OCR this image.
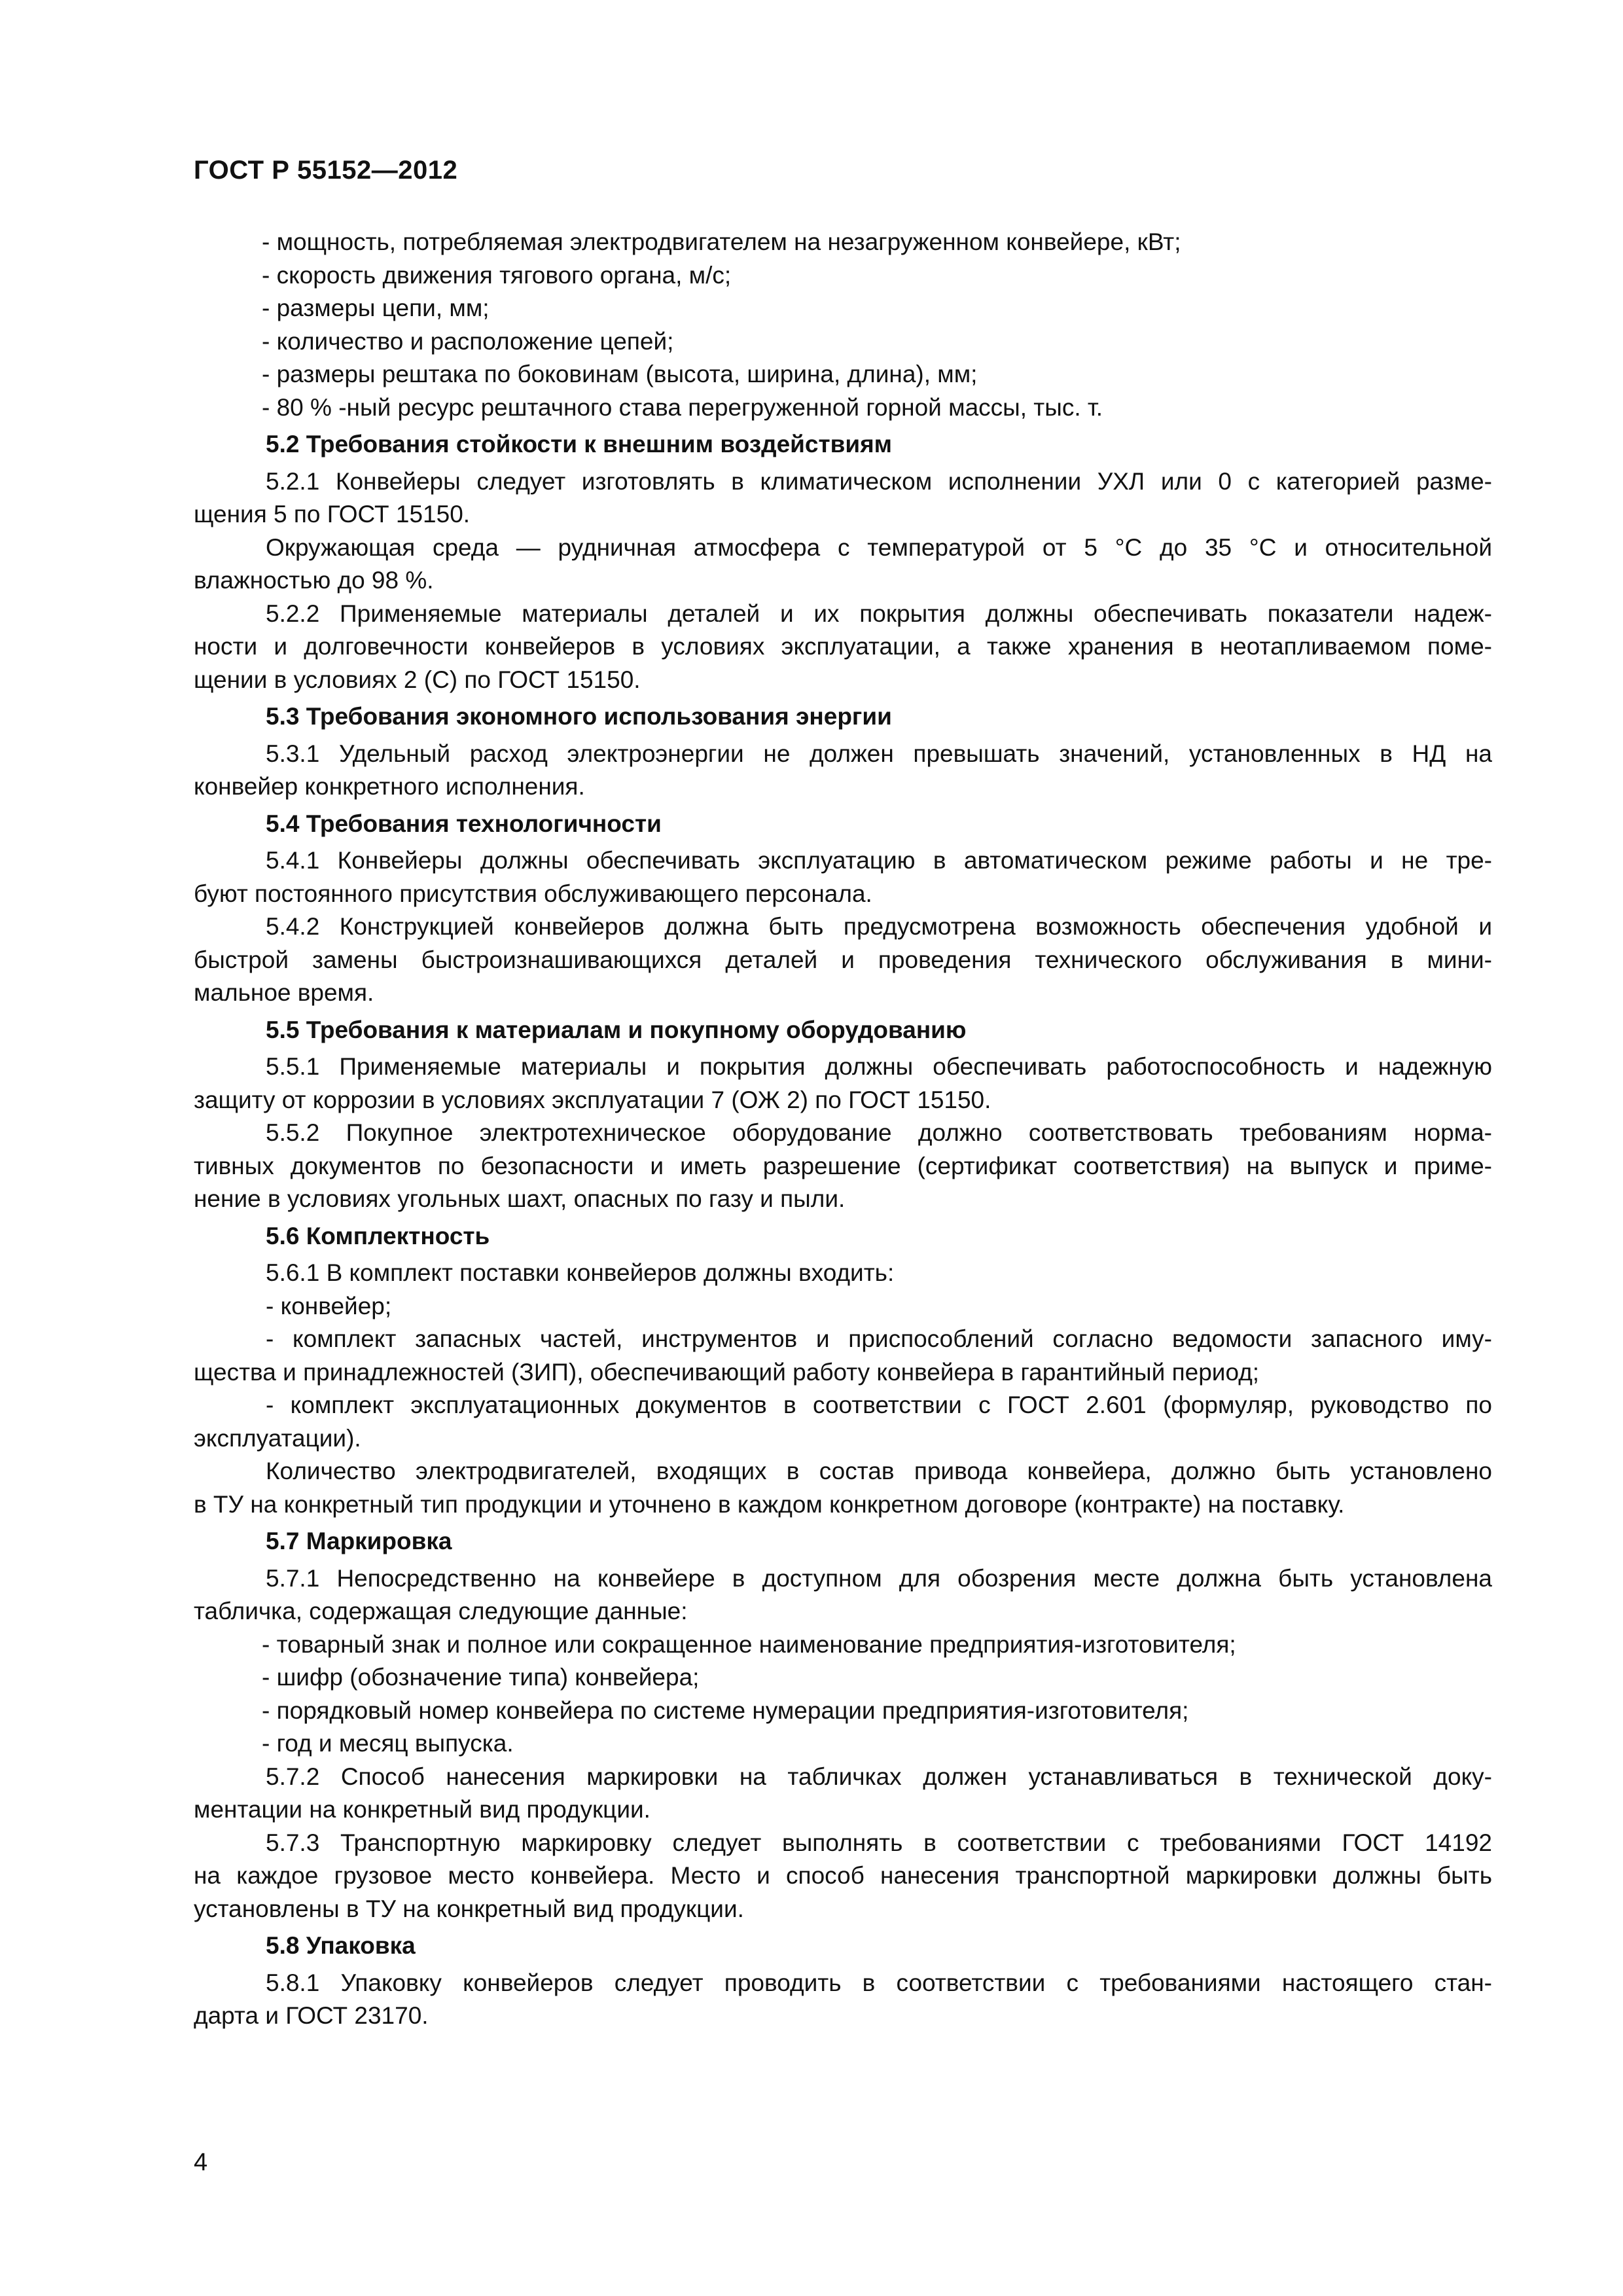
ГОСТ Р 55152—2012
- мощность, потребляемая электродвигателем на незагруженном конвейере, кВт;
- скорость движения тягового органа, м/с;
- размеры цепи, мм;
- количество и расположение цепей;
- размеры рештака по боковинам (высота, ширина, длина), мм;
- 80 % -ный ресурс рештачного става перегруженной горной массы, тыс. т.
5.2 Требования стойкости к внешним воздействиям
5.2.1 Конвейеры следует изготовлять в климатическом исполнении УХЛ или 0 с категорией разме-
щения 5 по ГОСТ 15150.
Окружающая среда — рудничная атмосфера с температурой от 5 °С до 35 °С и относительной
влажностью до 98 %.
5.2.2 Применяемые материалы деталей и их покрытия должны обеспечивать показатели надеж-
ности и долговечности конвейеров в условиях эксплуатации, а также хранения в неотапливаемом поме-
щении в условиях 2 (С) по ГОСТ 15150.
5.3 Требования экономного использования энергии
5.3.1 Удельный расход электроэнергии не должен превышать значений, установленных в НД на
конвейер конкретного исполнения.
5.4 Требования технологичности
5.4.1 Конвейеры должны обеспечивать эксплуатацию в автоматическом режиме работы и не тре-
буют постоянного присутствия обслуживающего персонала.
5.4.2 Конструкцией конвейеров должна быть предусмотрена возможность обеспечения удобной и
быстрой замены быстроизнашивающихся деталей и проведения технического обслуживания в мини-
мальное время.
5.5 Требования к материалам и покупному оборудованию
5.5.1 Применяемые материалы и покрытия должны обеспечивать работоспособность и надежную
защиту от коррозии в условиях эксплуатации 7 (ОЖ 2) по ГОСТ 15150.
5.5.2 Покупное электротехническое оборудование должно соответствовать требованиям норма-
тивных документов по безопасности и иметь разрешение (сертификат соответствия) на выпуск и приме-
нение в условиях угольных шахт, опасных по газу и пыли.
5.6 Комплектность
5.6.1 В комплект поставки конвейеров должны входить:
- конвейер;
- комплект запасных частей, инструментов и приспособлений согласно ведомости запасного иму-
щества и принадлежностей (ЗИП), обеспечивающий работу конвейера в гарантийный период;
- комплект эксплуатационных документов в соответствии с ГОСТ 2.601 (формуляр, руководство по
эксплуатации).
Количество электродвигателей, входящих в состав привода конвейера, должно быть установлено
в ТУ на конкретный тип продукции и уточнено в каждом конкретном договоре (контракте) на поставку.
5.7 Маркировка
5.7.1 Непосредственно на конвейере в доступном для обозрения месте должна быть установлена
табличка, содержащая следующие данные:
- товарный знак и полное или сокращенное наименование предприятия-изготовителя;
- шифр (обозначение типа) конвейера;
- порядковый номер конвейера по системе нумерации предприятия-изготовителя;
- год и месяц выпуска.
5.7.2 Способ нанесения маркировки на табличках должен устанавливаться в технической доку-
ментации на конкретный вид продукции.
5.7.3 Транспортную маркировку следует выполнять в соответствии с требованиями ГОСТ 14192
на каждое грузовое место конвейера. Место и способ нанесения транспортной маркировки должны быть
установлены в ТУ на конкретный вид продукции.
5.8 Упаковка
5.8.1 Упаковку конвейеров следует проводить в соответствии с требованиями настоящего стан-
дарта и ГОСТ 23170.
4
